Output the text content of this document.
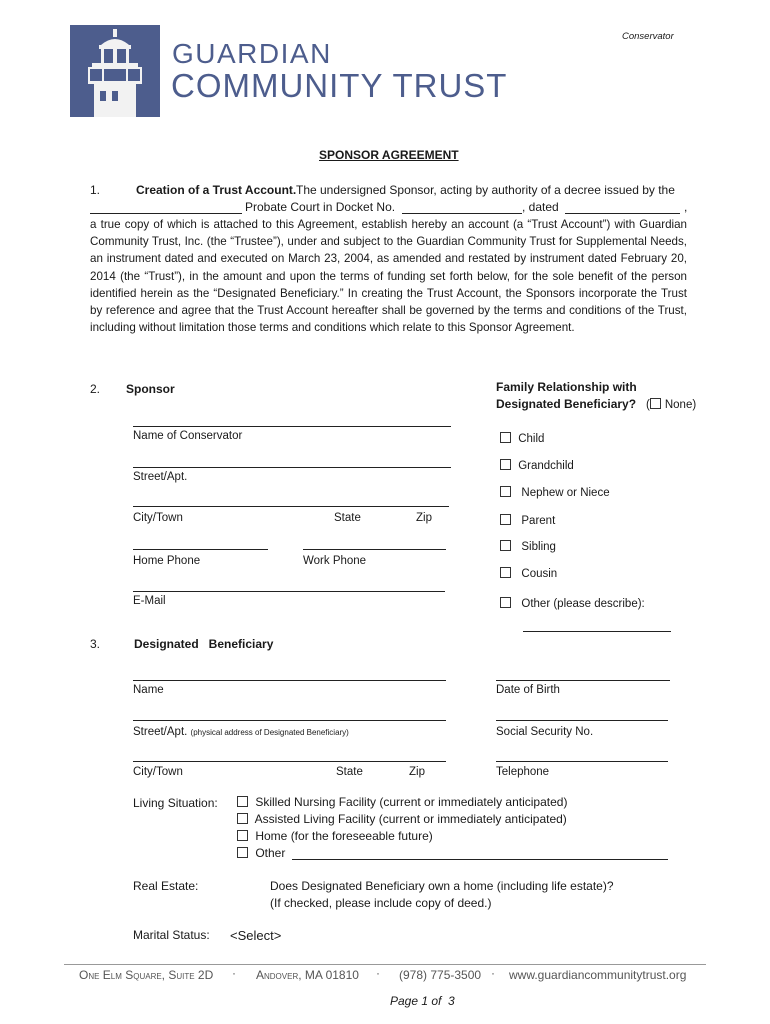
Conservator
GUARDIAN
COMMUNITY TRUST
SPONSOR AGREEMENT
1.	Creation of a Trust Account. The undersigned Sponsor, acting by authority of a decree issued by the
Probate Court in Docket No.	, dated	,
a true copy of which is attached to this Agreement, establish hereby an account (a “Trust Account”) with Guardian Community Trust, Inc. (the “Trustee”), under and subject to the Guardian Community Trust for Supplemental Needs, an instrument dated and executed on March 23, 2004, as amended and restated by instrument dated February 20, 2014 (the “Trust”), in the amount and upon the terms of funding set forth below, for the sole benefit of the person identified herein as the “Designated Beneficiary.” In creating the Trust Account, the Sponsors incorporate the Trust by reference and agree that the Trust Account hereafter shall be governed by the terms and conditions of the Trust, including without limitation those terms and conditions which relate to this Sponsor Agreement.
2. Sponsor
Name of Conservator
Street/Apt.
City/Town	State	Zip
Home Phone	Work Phone
E-Mail
Family Relationship with
Designated Beneficiary? ( None)
Child
Grandchild
Nephew or Niece
Parent
Sibling
Cousin
Other (please describe):
3.	Designated   Beneficiary
Name	Date of Birth
Street/Apt. (physical address of Designated Beneficiary)	Social Security No.
City/Town	State	Zip	Telephone
Living Situation:	Skilled Nursing Facility (current or immediately anticipated)
Assisted Living Facility (current or immediately anticipated)
Home (for the foreseeable future)
Other
Real Estate:	Does Designated Beneficiary own a home (including life estate)?
(If checked, please include copy of deed.)
Marital Status: <Select>
One Elm Square, Suite 2D · Andover, MA 01810 · (978) 775-3500 · www.guardiancommunitytrust.org
Page 1 of  3
